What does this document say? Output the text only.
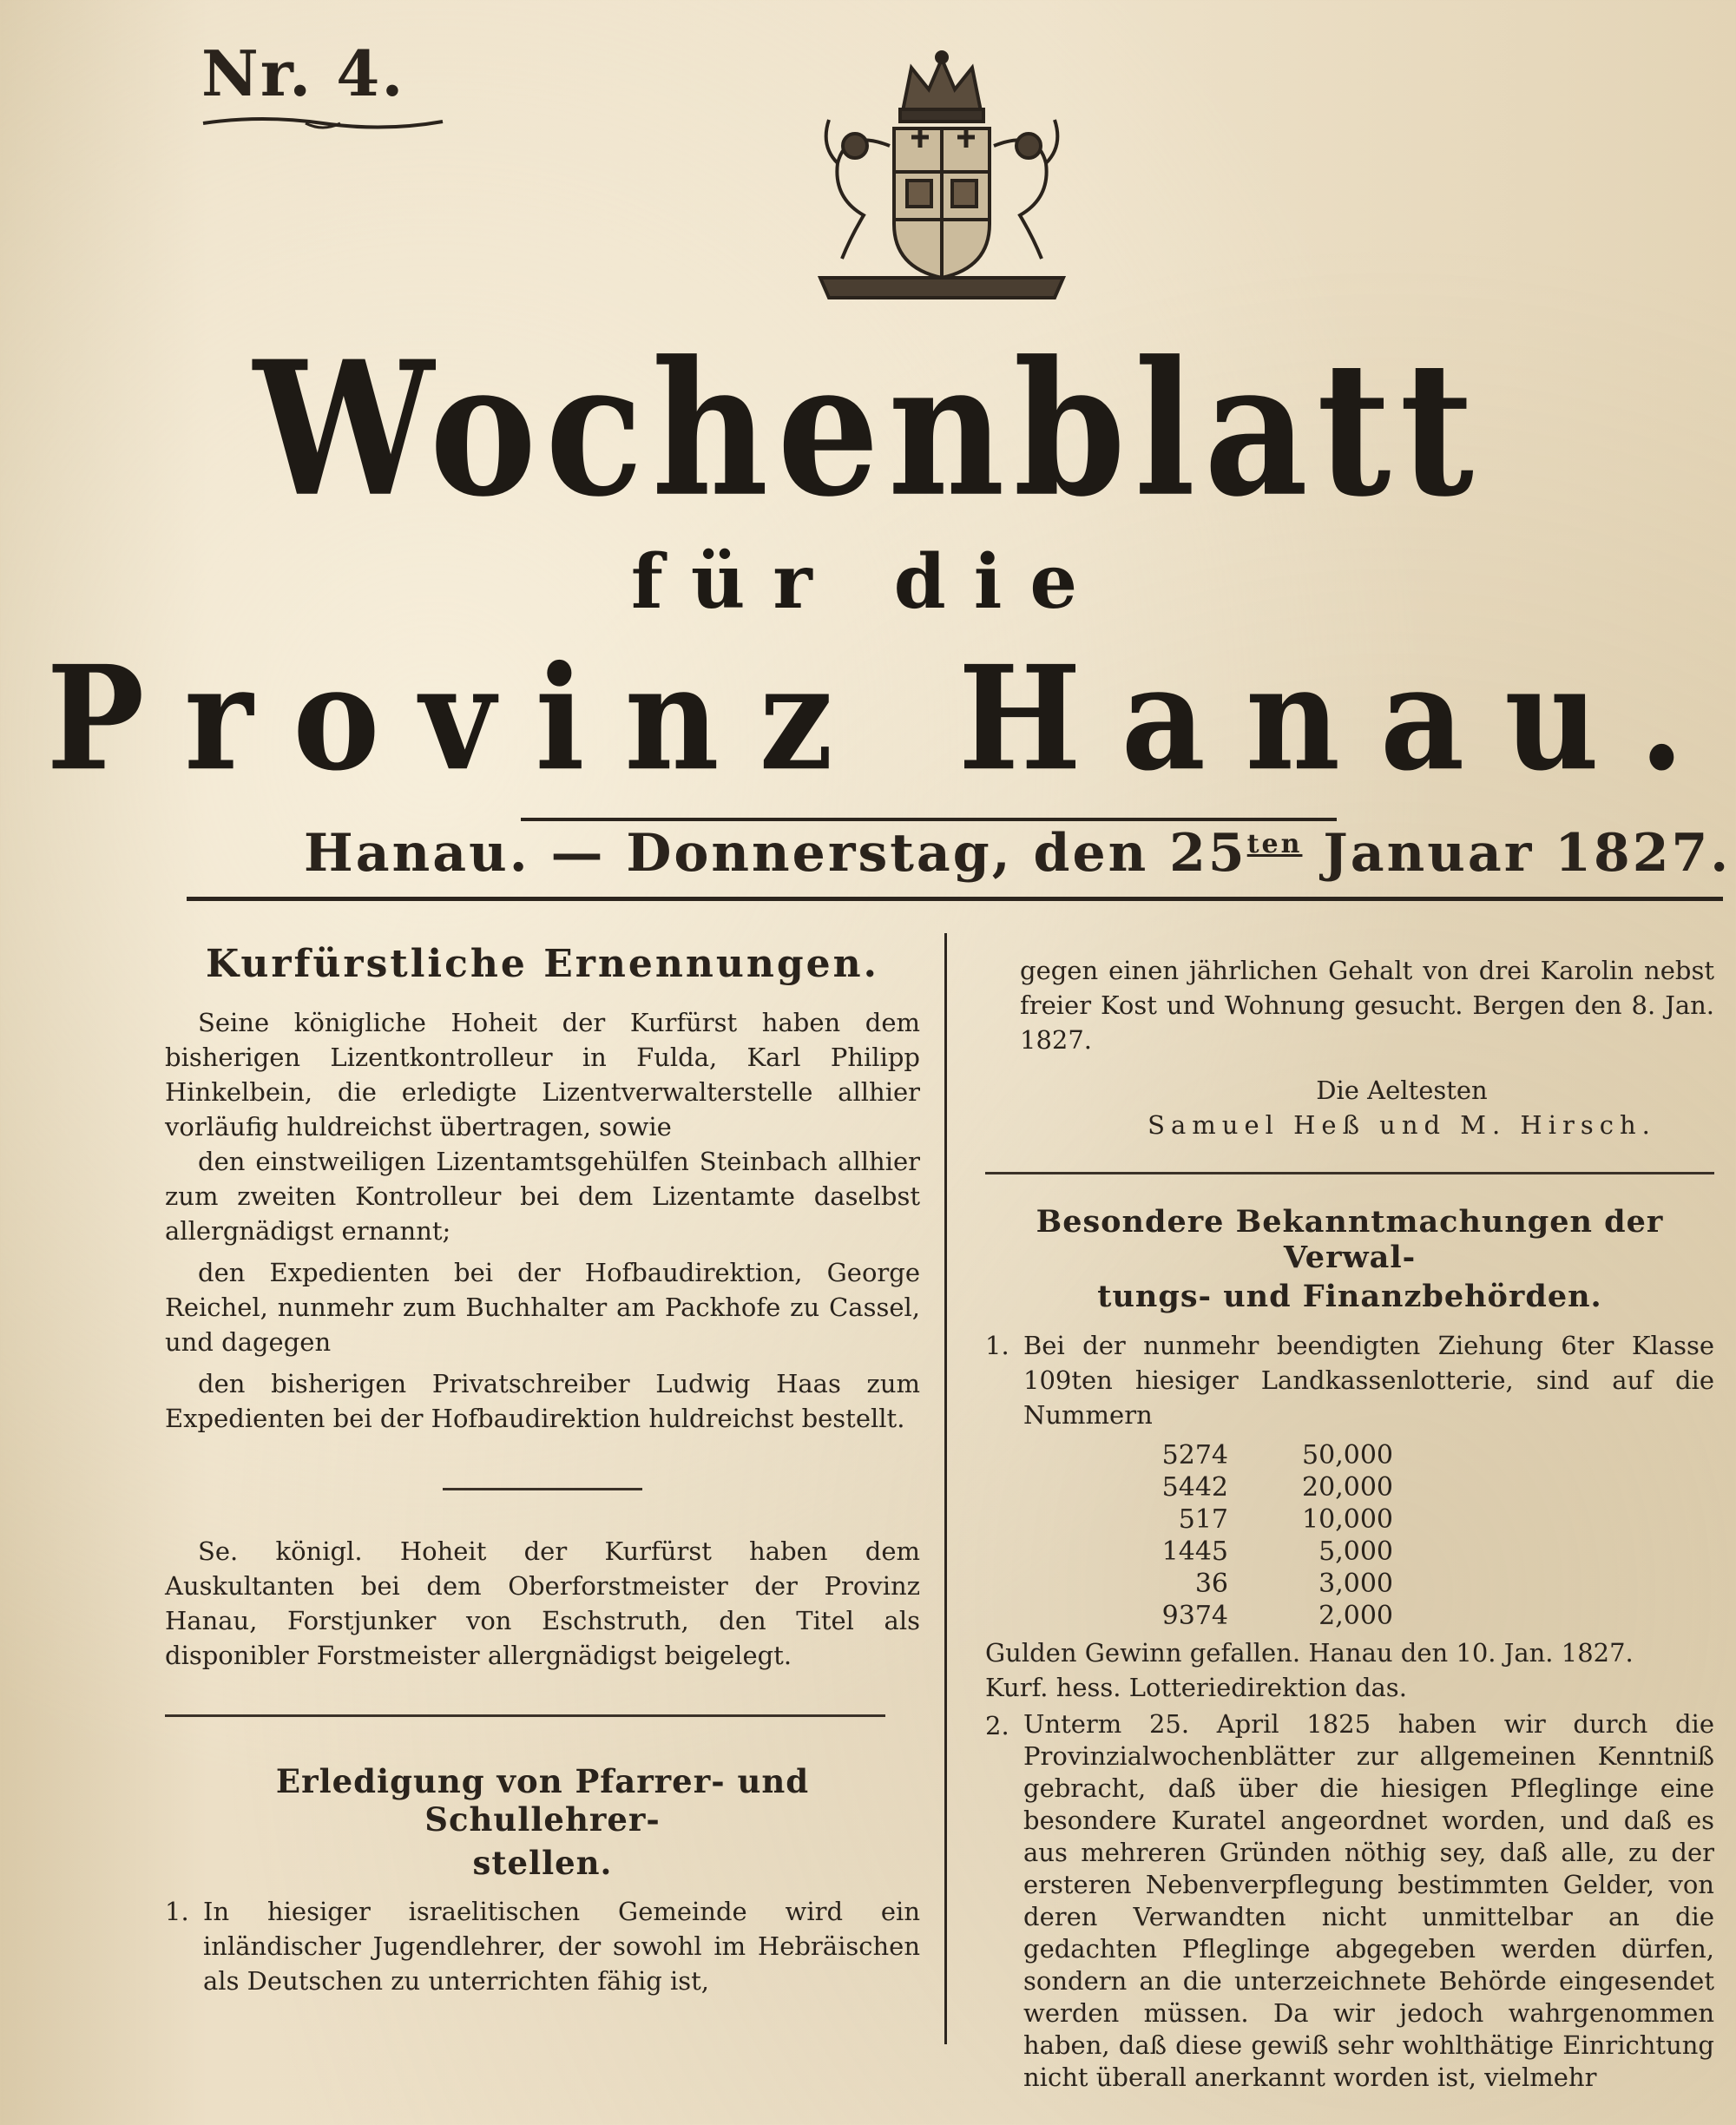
Nr. 4.
Wochenblatt
für die
Provinz Hanau.
Hanau. — Donnerstag, den $25^{ten}$ Januar 1827.
Kurfürstliche Ernennungen.

Seine königliche Hoheit der Kurfürst haben dem bisherigen Lizentkontrolleur in Fulda, Karl Philipp Hinkelbein, die erledigte Lizentverwalterstelle allhier vorläufig huldreichst übertragen, sowie

den einstweiligen Lizentamtsgehülfen Steinbach allhier zum zweiten Kontrolleur bei dem Lizentamte daselbst allergnädigst ernannt;

den Expedienten bei der Hofbaudirektion, George Reichel, nunmehr zum Buchhalter am Packhofe zu Cassel, und dagegen

den bisherigen Privatschreiber Ludwig Haas zum Expedienten bei der Hofbaudirektion huldreichst bestellt.

Se. königl. Hoheit der Kurfürst haben dem Auskultanten bei dem Oberforstmeister der Provinz Hanau, Forstjunker von Eschstruth, den Titel als disponibler Forstmeister allergnädigst beigelegt.

Erledigung von Pfarrer- und Schullehrer-
stellen.
1. In hiesiger israelitischen Gemeinde wird ein inländischer Jugendlehrer, der sowohl im Hebräischen als Deutschen zu unterrichten fähig ist,

gegen einen jährlichen Gehalt von drei Karolin nebst freier Kost und Wohnung gesucht. Bergen den 8. Jan. 1827.

Die Aeltesten
Samuel Heß und M. Hirsch.
Besondere Bekanntmachungen der Verwal-
tungs- und Finanzbehörden.
1. Bei der nunmehr beendigten Ziehung 6ter Klasse 109ten hiesiger Landkassenlotterie, sind auf die Nummern

5274	50,000
5442	20,000
517	10,000
1445	5,000
36	3,000
9374	2,000

Gulden Gewinn gefallen. Hanau den 10. Jan. 1827.

Kurf. hess. Lotteriedirektion das.
2. Unterm 25. April 1825 haben wir durch die Provinzialwochenblätter zur allgemeinen Kenntniß gebracht, daß über die hiesigen Pfleglinge eine besondere Kuratel angeordnet worden, und daß es aus mehreren Gründen nöthig sey, daß alle, zu der ersteren Nebenverpflegung bestimmten Gelder, von deren Verwandten nicht unmittelbar an die gedachten Pfleglinge abgegeben werden dürfen, sondern an die unterzeichnete Behörde eingesendet werden müssen. Da wir jedoch wahrgenommen haben, daß diese gewiß sehr wohlthätige Einrichtung nicht überall anerkannt worden ist, vielmehr
